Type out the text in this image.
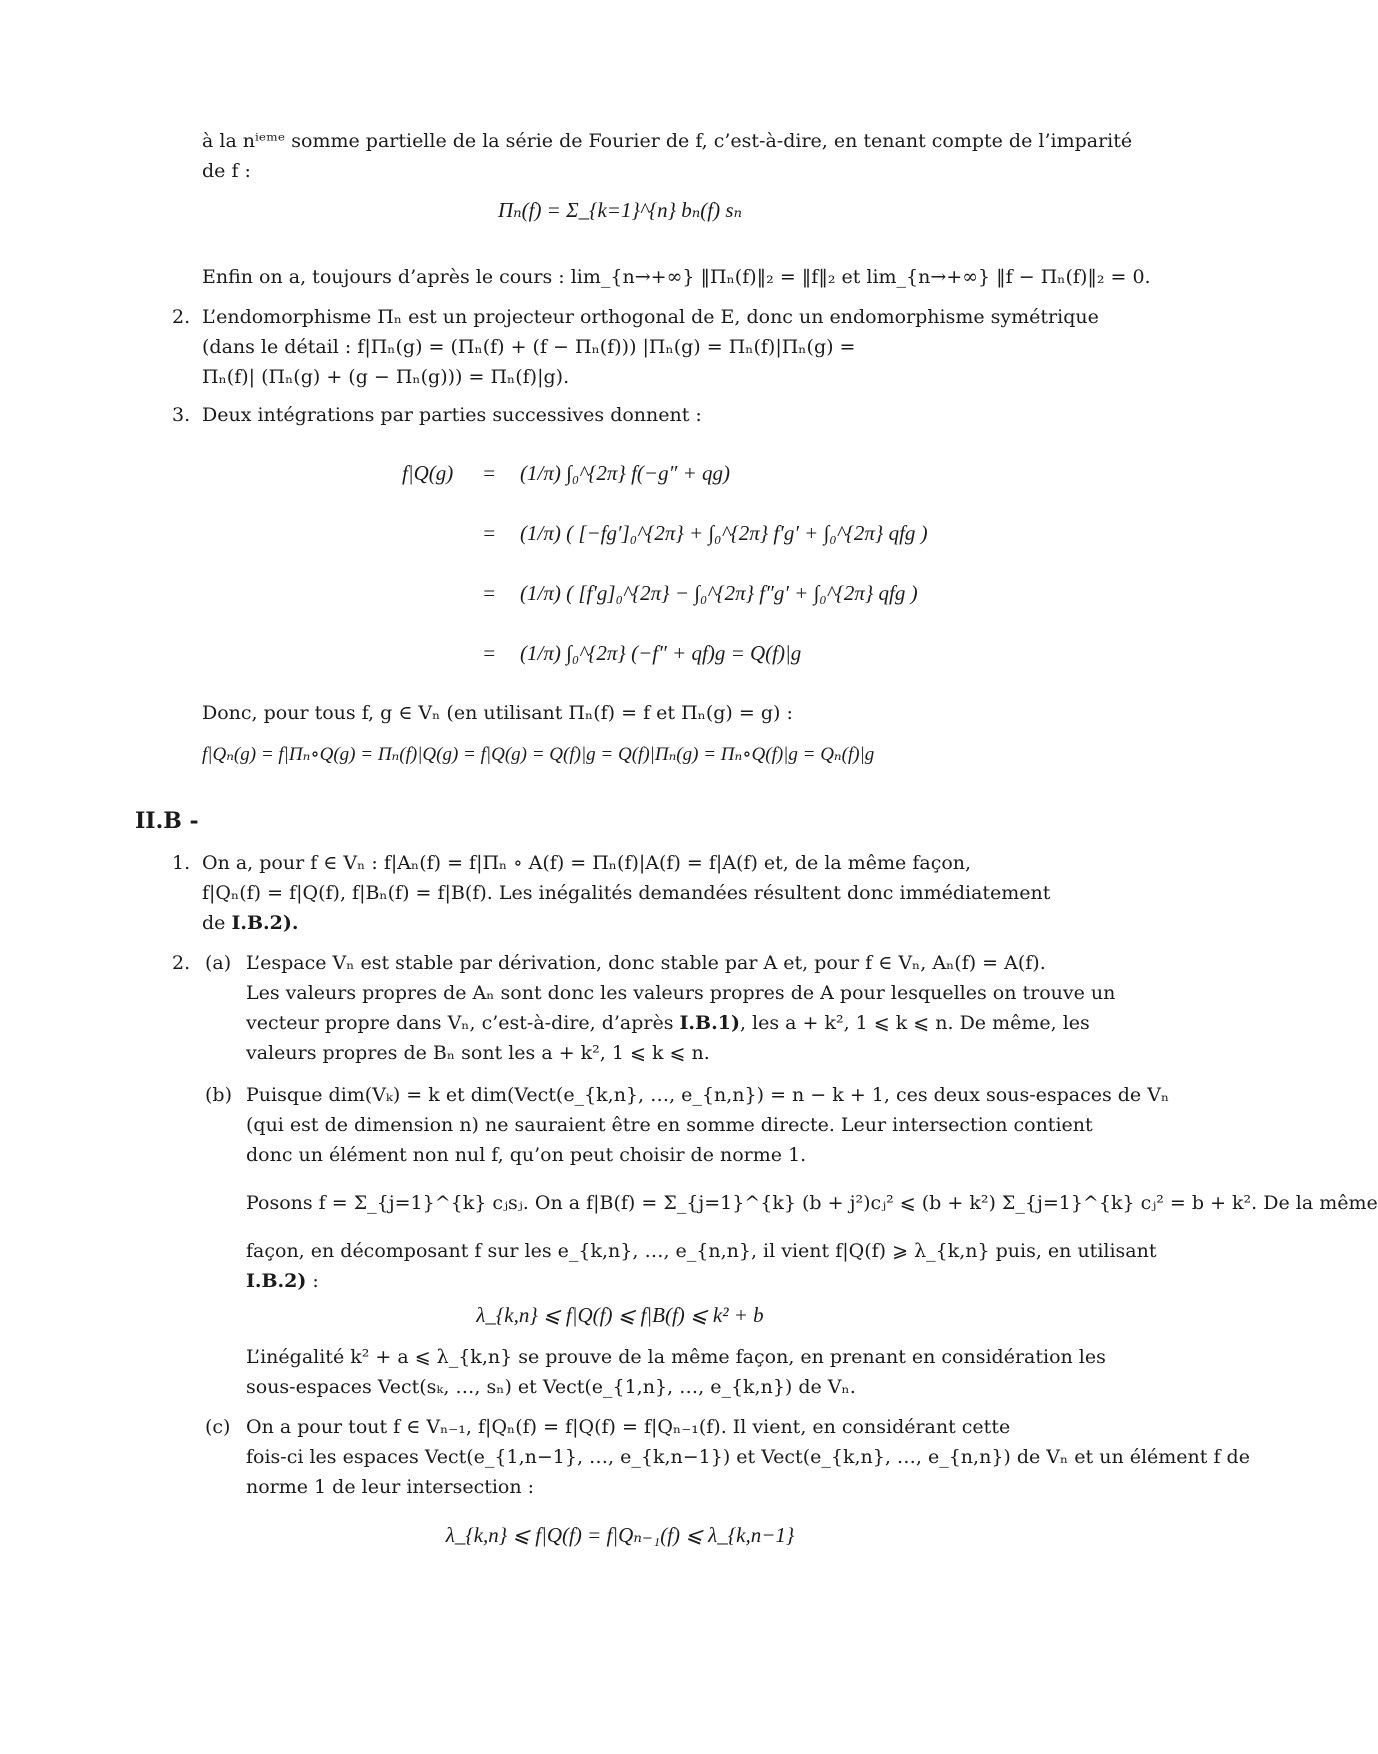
à la nⁱᵉᵐᵉ somme partielle de la série de Fourier de f, c’est-à-dire, en tenant compte de l’imparité
de f :
Πₙ(f) = Σ_{k=1}^{n} bₙ(f) sₙ
Enfin on a, toujours d’après le cours : lim_{n→+∞} ‖Πₙ(f)‖₂ = ‖f‖₂ et lim_{n→+∞} ‖f − Πₙ(f)‖₂ = 0.
2. L’endomorphisme Πₙ est un projecteur orthogonal de E, donc un endomorphisme symétrique
(dans le détail : f|Πₙ(g) = (Πₙ(f) + (f − Πₙ(f))) |Πₙ(g) = Πₙ(f)|Πₙ(g) =
Πₙ(f)| (Πₙ(g) + (g − Πₙ(g))) = Πₙ(f)|g).
3. Deux intégrations par parties successives donnent :
f|Q(g) =
=
=
=
(1/π) ∫₀^{2π} f(−g″ + qg)
(1/π) ( [−fg′]₀^{2π} + ∫₀^{2π} f′g′ + ∫₀^{2π} qfg )
(1/π) ( [f′g]₀^{2π} − ∫₀^{2π} f″g′ + ∫₀^{2π} qfg )
(1/π) ∫₀^{2π} (−f″ + qf)g = Q(f)|g
Donc, pour tous f, g ∈ Vₙ (en utilisant Πₙ(f) = f et Πₙ(g) = g) :
f|Qₙ(g) = f|Πₙ∘Q(g) = Πₙ(f)|Q(g) = f|Q(g) = Q(f)|g = Q(f)|Πₙ(g) = Πₙ∘Q(f)|g = Qₙ(f)|g
II.B -
1. On a, pour f ∈ Vₙ : f|Aₙ(f) = f|Πₙ ∘ A(f) = Πₙ(f)|A(f) = f|A(f) et, de la même façon,
f|Qₙ(f) = f|Q(f), f|Bₙ(f) = f|B(f). Les inégalités demandées résultent donc immédiatement
de I.B.2).
2. (a) L’espace Vₙ est stable par dérivation, donc stable par A et, pour f ∈ Vₙ, Aₙ(f) = A(f).
Les valeurs propres de Aₙ sont donc les valeurs propres de A pour lesquelles on trouve un
vecteur propre dans Vₙ, c’est-à-dire, d’après I.B.1), les a + k², 1 ⩽ k ⩽ n. De même, les
valeurs propres de Bₙ sont les a + k², 1 ⩽ k ⩽ n.
(b) Puisque dim(Vₖ) = k et dim(Vect(e_{k,n}, …, e_{n,n}) = n − k + 1, ces deux sous-espaces de Vₙ
(qui est de dimension n) ne sauraient être en somme directe. Leur intersection contient
donc un élément non nul f, qu’on peut choisir de norme 1.
Posons f = Σ_{j=1}^{k} cⱼsⱼ. On a f|B(f) = Σ_{j=1}^{k} (b + j²)cⱼ² ⩽ (b + k²) Σ_{j=1}^{k} cⱼ² = b + k². De la même
façon, en décomposant f sur les e_{k,n}, …, e_{n,n}, il vient f|Q(f) ⩾ λ_{k,n} puis, en utilisant
I.B.2) :
λ_{k,n} ⩽ f|Q(f) ⩽ f|B(f) ⩽ k² + b
L’inégalité k² + a ⩽ λ_{k,n} se prouve de la même façon, en prenant en considération les
sous-espaces Vect(sₖ, …, sₙ) et Vect(e_{1,n}, …, e_{k,n}) de Vₙ.
(c) On a pour tout f ∈ Vₙ₋₁, f|Qₙ(f) = f|Q(f) = f|Qₙ₋₁(f). Il vient, en considérant cette
fois-ci les espaces Vect(e_{1,n−1}, …, e_{k,n−1}) et Vect(e_{k,n}, …, e_{n,n}) de Vₙ et un élément f de
norme 1 de leur intersection :
λ_{k,n} ⩽ f|Q(f) = f|Qₙ₋₁(f) ⩽ λ_{k,n−1}
